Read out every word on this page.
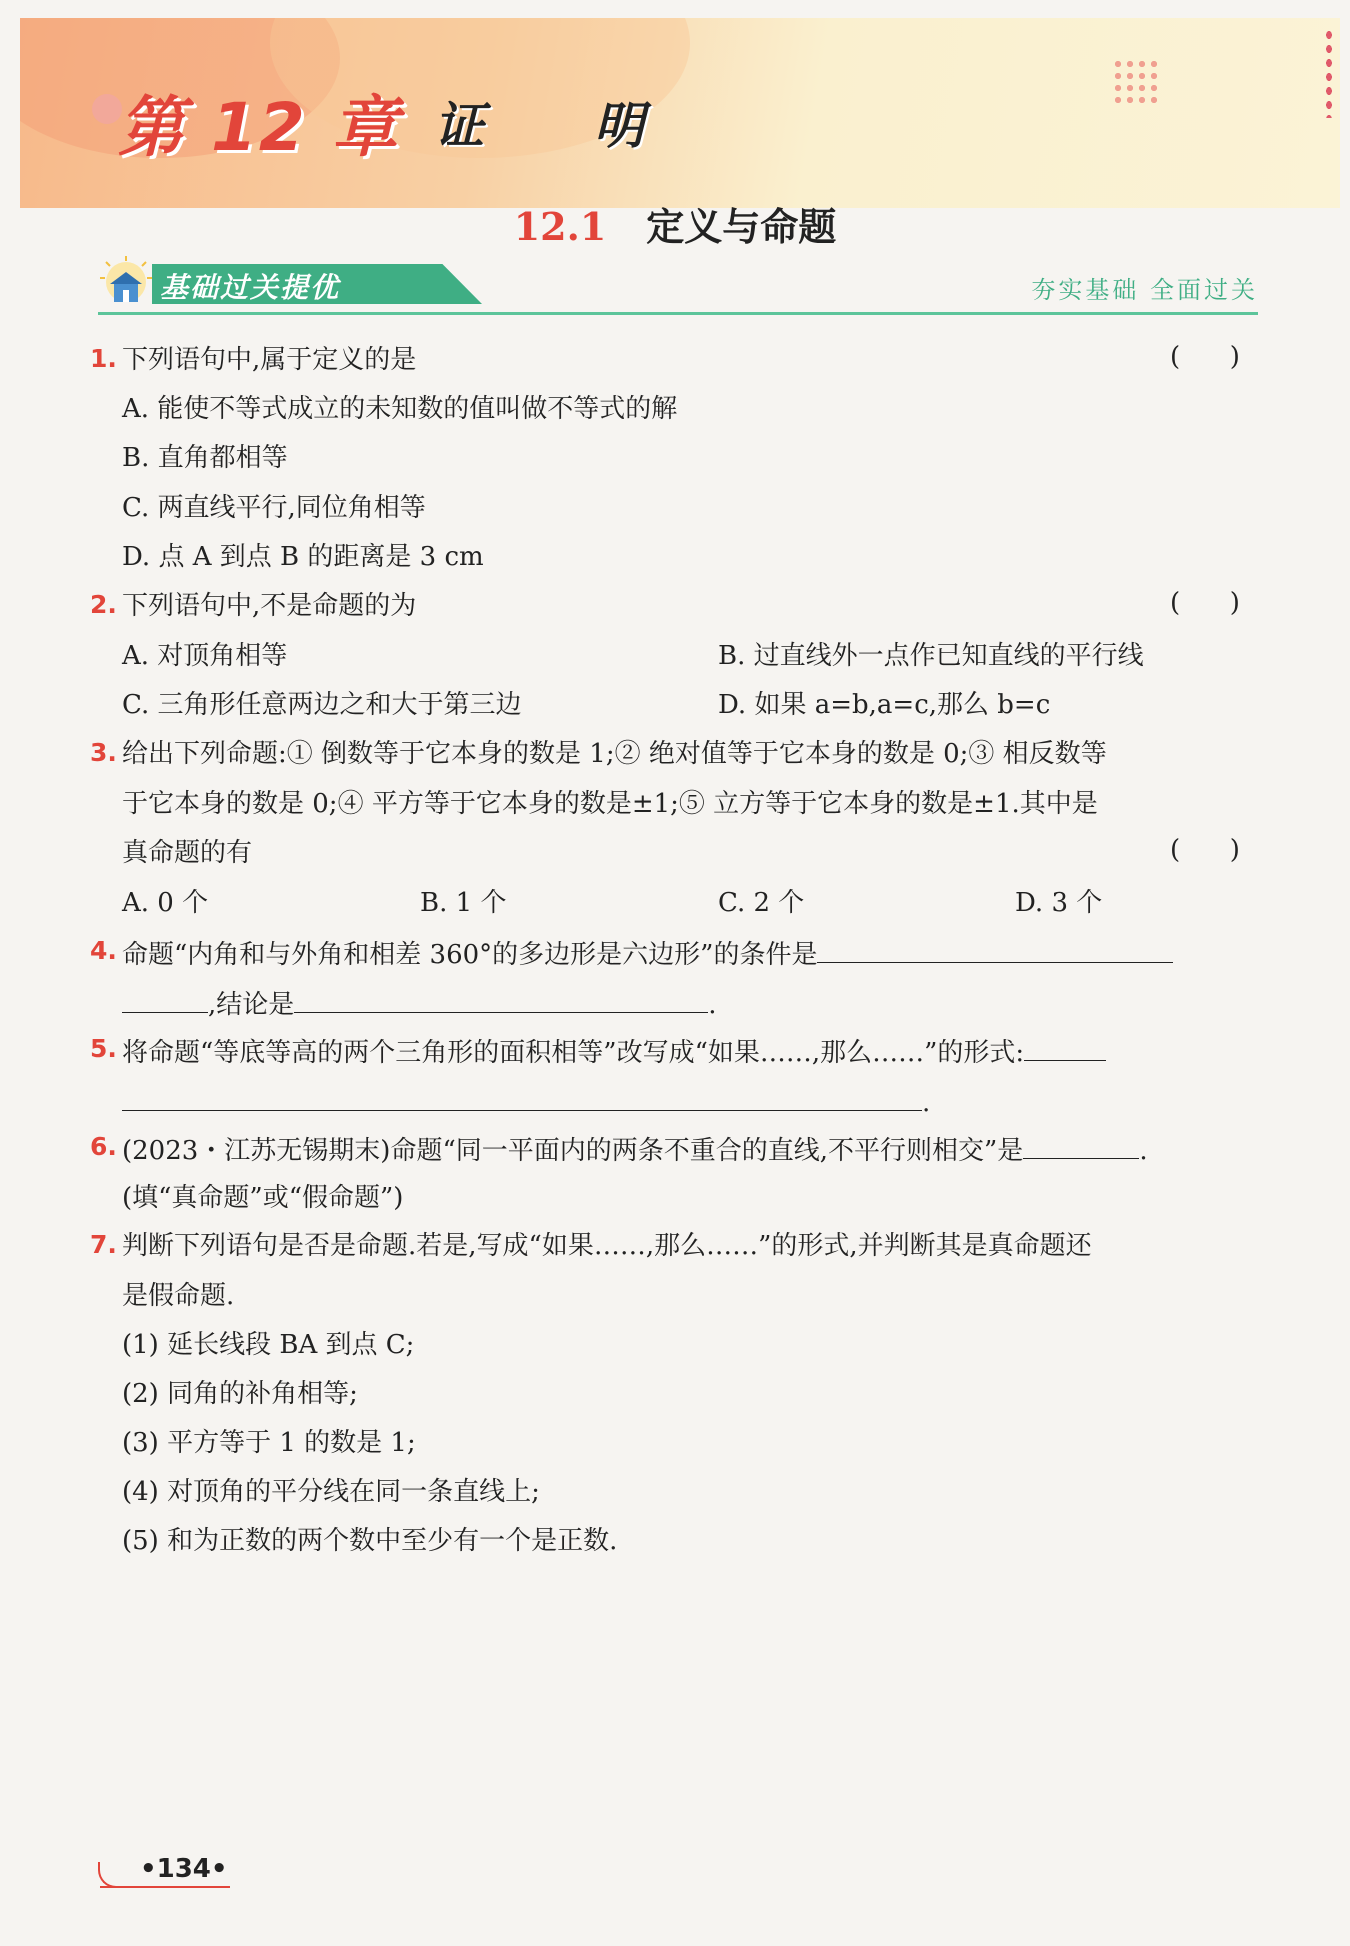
第 12 章 证 明
12.1 定义与命题
基础过关提优	夯实基础 全面过关
1. 下列语句中,属于定义的是	(      )
A. 能使不等式成立的未知数的值叫做不等式的解
B. 直角都相等
C. 两直线平行,同位角相等
D. 点 A 到点 B 的距离是 3 cm
2. 下列语句中,不是命题的为	(      )
A. 对顶角相等	B. 过直线外一点作已知直线的平行线
C. 三角形任意两边之和大于第三边	D. 如果 a=b,a=c,那么 b=c
3. 给出下列命题:① 倒数等于它本身的数是 1;② 绝对值等于它本身的数是 0;③ 相反数等
于它本身的数是 0;④ 平方等于它本身的数是±1;⑤ 立方等于它本身的数是±1.其中是
真命题的有	(      )
A. 0 个	B. 1 个	C. 2 个	D. 3 个
4. 命题“内角和与外角和相差 360°的多边形是六边形”的条件是
,结论是	.
5. 将命题“等底等高的两个三角形的面积相等”改写成“如果……,那么……”的形式:
.
6. (2023・江苏无锡期末)命题“同一平面内的两条不重合的直线,不平行则相交”是	.
(填“真命题”或“假命题”)
7. 判断下列语句是否是命题.若是,写成“如果……,那么……”的形式,并判断其是真命题还
是假命题.
(1) 延长线段 BA 到点 C;
(2) 同角的补角相等;
(3) 平方等于 1 的数是 1;
(4) 对顶角的平分线在同一条直线上;
(5) 和为正数的两个数中至少有一个是正数.
•134•
